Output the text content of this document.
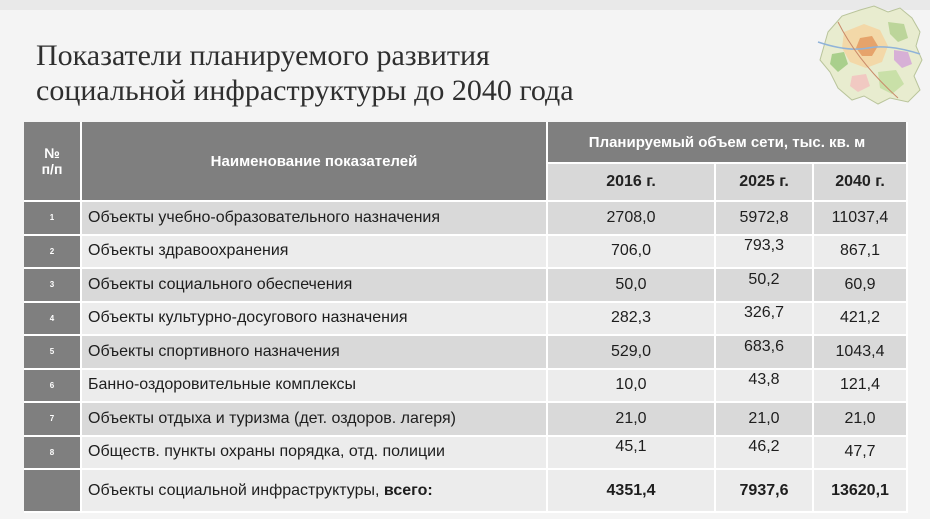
Показатели планируемого развития
социальной инфраструктуры до 2040 года
№
п/п	Наименование показателей	Планируемый объем сети, тыс. кв. м		
		2016 г.	2025 г.	2040 г.
1	Объекты учебно-образовательного назначения	2708,0	5972,8	11037,4
2	Объекты здравоохранения	706,0	793,3	867,1
3	Объекты социального обеспечения	50,0	50,2	60,9
4	Объекты культурно-досугового назначения	282,3	326,7	421,2
5	Объекты спортивного назначения	529,0	683,6	1043,4
6	Банно-оздоровительные комплексы	10,0	43,8	121,4
7	Объекты отдыха и туризма (дет. оздоров. лагеря)	21,0	21,0	21,0
8	Обществ. пункты охраны порядка, отд. полиции	45,1	46,2	47,7
	Объекты социальной инфраструктуры, всего:	4351,4	7937,6	13620,1
